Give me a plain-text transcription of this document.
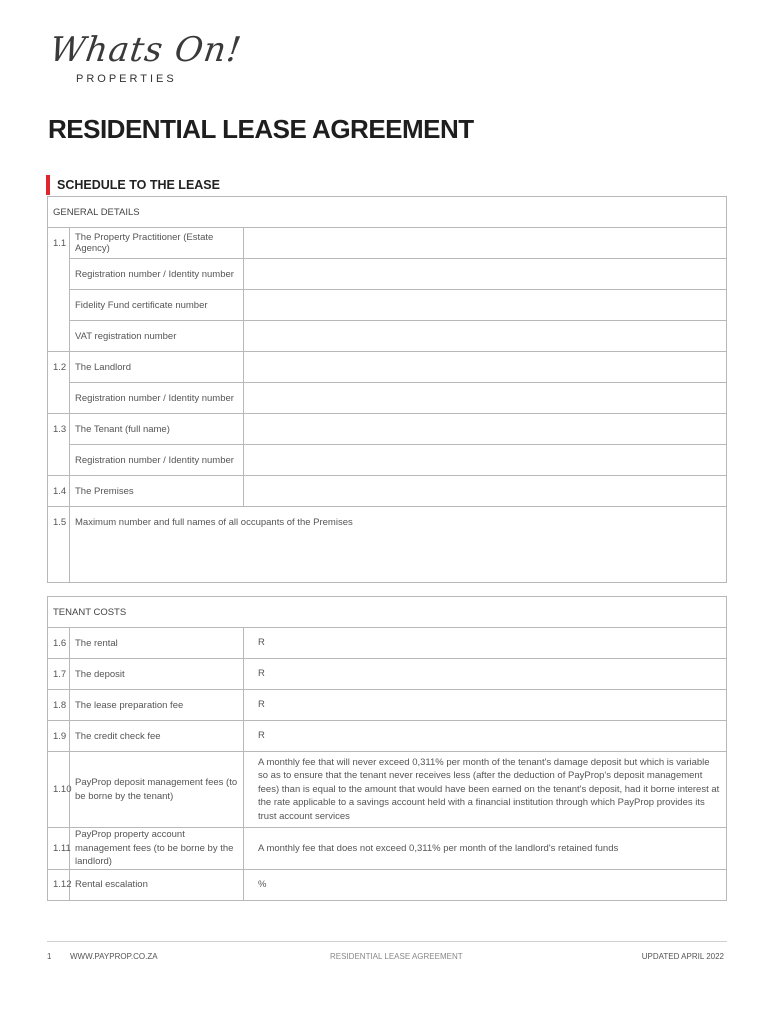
Whats On!
PROPERTIES
RESIDENTIAL LEASE AGREEMENT
SCHEDULE TO THE LEASE
GENERAL DETAILS		
1.1	The Property Practitioner (Estate Agency)	
	Registration number / Identity number	
	Fidelity Fund certificate number	
	VAT registration number	
1.2	The Landlord	
	Registration number / Identity number	
1.3	The Tenant (full name)	
	Registration number / Identity number	
1.4	The Premises	
1.5	Maximum number and full names of all occupants of the Premises	
TENANT COSTS		
1.6	The rental	R
1.7	The deposit	R
1.8	The lease preparation fee	R
1.9	The credit check fee	R
1.10	PayProp deposit management fees (to be borne by the tenant)	A monthly fee that will never exceed 0,311% per month of the tenant's damage deposit but which is variable so as to ensure that the tenant never receives less (after the deduction of PayProp's deposit management fees) than is equal to the amount that would have been earned on the tenant's deposit, had it borne interest at the rate applicable to a savings account held with a financial institution through which PayProp provides its trust account services
1.11	PayProp property account management fees (to be borne by the landlord)	A monthly fee that does not exceed 0,311% per month of the landlord's retained funds
1.12	Rental escalation	%
1 WWW.PAYPROP.CO.ZA	RESIDENTIAL LEASE AGREEMENT	UPDATED APRIL 2022
